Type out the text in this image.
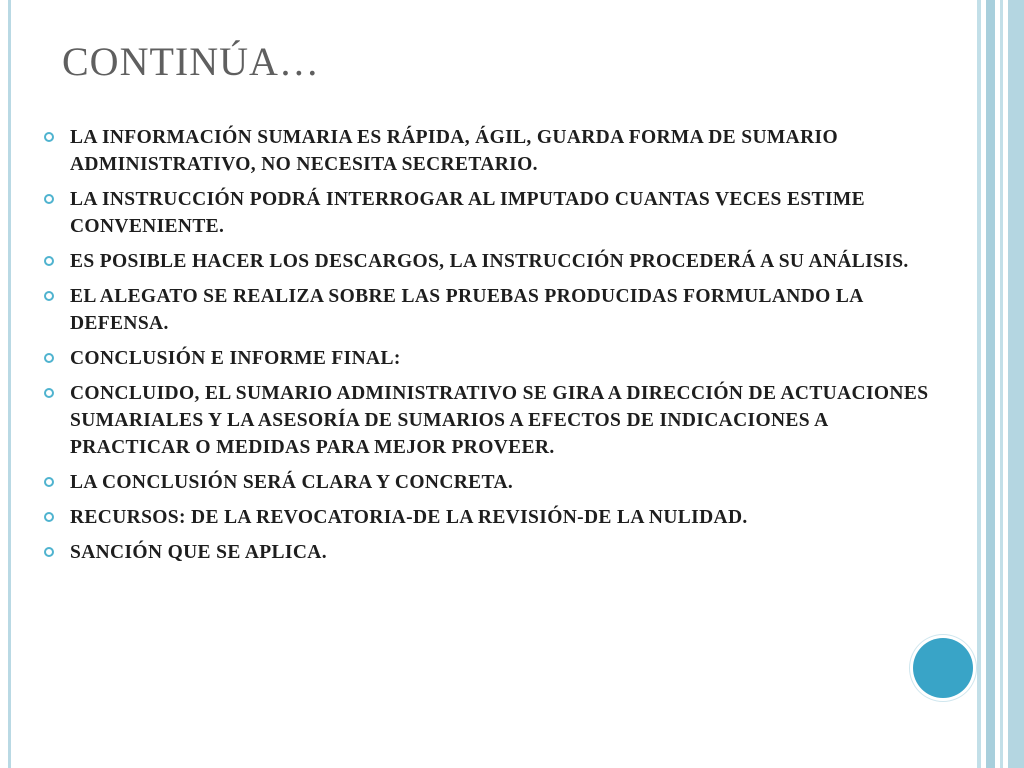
CONTINÚA…
LA INFORMACIÓN SUMARIA ES RÁPIDA, ÁGIL, GUARDA FORMA DE SUMARIO ADMINISTRATIVO, NO NECESITA SECRETARIO.
LA INSTRUCCIÓN PODRÁ INTERROGAR AL IMPUTADO CUANTAS VECES ESTIME CONVENIENTE.
ES POSIBLE HACER LOS DESCARGOS, LA INSTRUCCIÓN PROCEDERÁ A SU ANÁLISIS.
EL ALEGATO SE REALIZA SOBRE LAS PRUEBAS PRODUCIDAS FORMULANDO LA DEFENSA.
CONCLUSIÓN E INFORME FINAL:
CONCLUIDO, EL SUMARIO ADMINISTRATIVO SE GIRA A DIRECCIÓN DE ACTUACIONES SUMARIALES Y LA ASESORÍA DE SUMARIOS A EFECTOS DE INDICACIONES A PRACTICAR O MEDIDAS PARA MEJOR PROVEER.
LA CONCLUSIÓN SERÁ CLARA Y CONCRETA.
RECURSOS: DE LA REVOCATORIA-DE LA REVISIÓN-DE LA NULIDAD.
SANCIÓN QUE SE APLICA.
